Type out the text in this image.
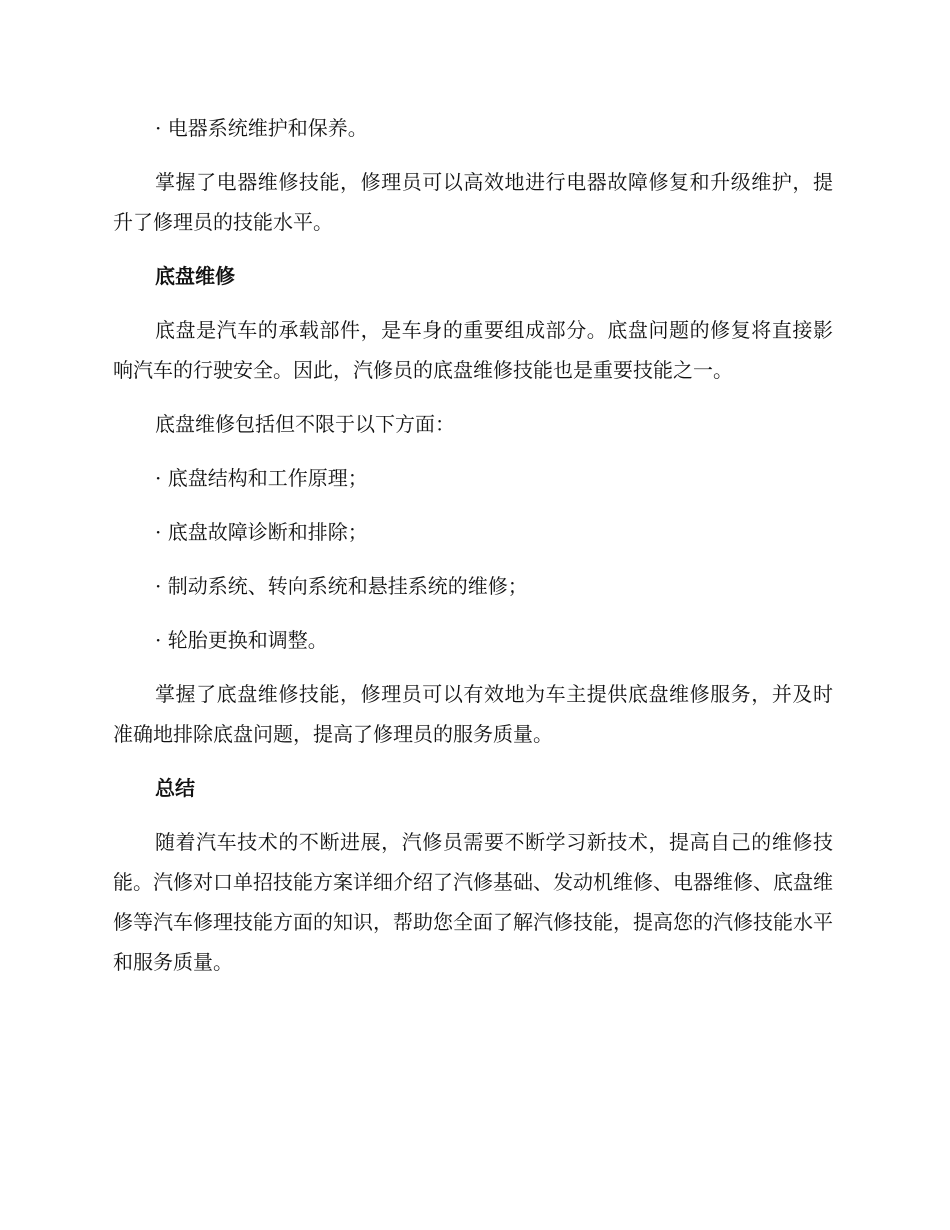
· 电器系统维护和保养。

掌握了电器维修技能，修理员可以高效地进行电器故障修复和升级维护，提升了修理员的技能水平。

底盘维修

底盘是汽车的承载部件，是车身的重要组成部分。底盘问题的修复将直接影响汽车的行驶安全。因此，汽修员的底盘维修技能也是重要技能之一。

底盘维修包括但不限于以下方面：

· 底盘结构和工作原理；
· 底盘故障诊断和排除；
· 制动系统、转向系统和悬挂系统的维修；
· 轮胎更换和调整。

掌握了底盘维修技能，修理员可以有效地为车主提供底盘维修服务，并及时准确地排除底盘问题，提高了修理员的服务质量。

总结

随着汽车技术的不断进展，汽修员需要不断学习新技术，提高自己的维修技能。汽修对口单招技能方案详细介绍了汽修基础、发动机维修、电器维修、底盘维修等汽车修理技能方面的知识，帮助您全面了解汽修技能，提高您的汽修技能水平和服务质量。
